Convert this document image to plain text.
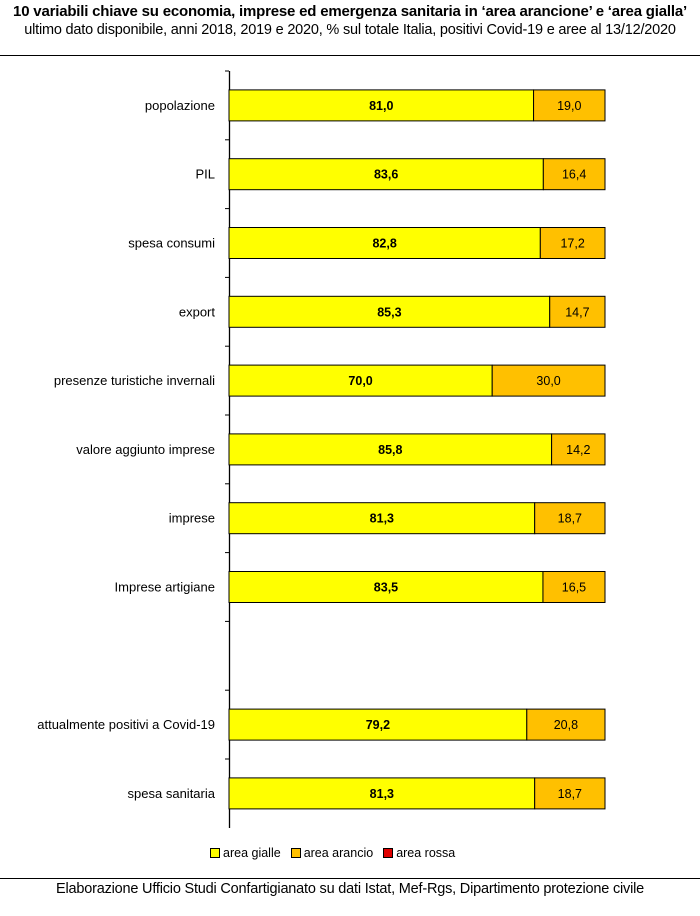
10 variabili chiave su economia, imprese ed emergenza sanitaria in ‘area arancione’ e ‘area gialla’
ultimo dato disponibile, anni 2018, 2019 e 2020, % sul totale Italia, positivi Covid-19 e aree al 13/12/2020
popolazione	81,0	19,0
PIL	83,6	16,4
spesa consumi	82,8	17,2
export	85,3	14,7
presenze turistiche invernali	70,0	30,0
valore aggiunto imprese	85,8	14,2
imprese	81,3	18,7
Imprese artigiane	83,5	16,5
attualmente positivi a Covid-19	79,2	20,8
spesa sanitaria	81,3	18,7
area gialle area arancio area rossa
Elaborazione Ufficio Studi Confartigianato su dati Istat, Mef-Rgs, Dipartimento protezione civile
